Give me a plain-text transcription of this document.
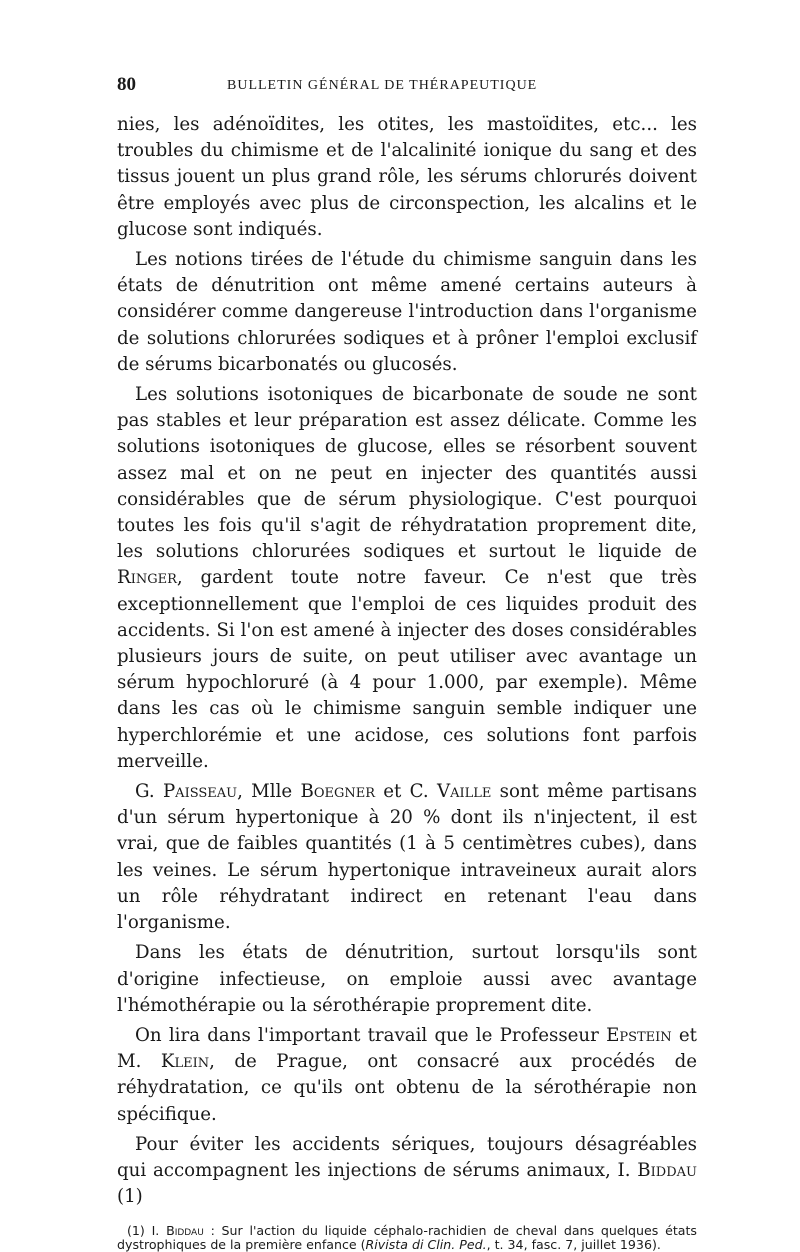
80	BULLETIN GÉNÉRAL DE THÉRAPEUTIQUE

nies, les adénoïdites, les otites, les mastoïdites, etc... les troubles du chimisme et de l'alcalinité ionique du sang et des tissus jouent un plus grand rôle, les sérums chlorurés doivent être employés avec plus de circonspection, les alcalins et le glucose sont indiqués.

Les notions tirées de l'étude du chimisme sanguin dans les états de dénutrition ont même amené certains auteurs à considérer comme dangereuse l'introduction dans l'organisme de solutions chlorurées sodiques et à prôner l'emploi exclusif de sérums bicarbonatés ou glucosés.

Les solutions isotoniques de bicarbonate de soude ne sont pas stables et leur préparation est assez délicate. Comme les solutions isotoniques de glucose, elles se résorbent souvent assez mal et on ne peut en injecter des quantités aussi considérables que de sérum physiologique. C'est pourquoi toutes les fois qu'il s'agit de réhydratation proprement dite, les solutions chlorurées sodiques et surtout le liquide de Ringer, gardent toute notre faveur. Ce n'est que très exceptionnellement que l'emploi de ces liquides produit des accidents. Si l'on est amené à injecter des doses considérables plusieurs jours de suite, on peut utiliser avec avantage un sérum hypochloruré (à 4 pour 1.000, par exemple). Même dans les cas où le chimisme sanguin semble indiquer une hyperchlorémie et une acidose, ces solutions font parfois merveille.

G. Paisseau, Mlle Boegner et C. Vaille sont même partisans d'un sérum hypertonique à 20 % dont ils n'injectent, il est vrai, que de faibles quantités (1 à 5 centimètres cubes), dans les veines. Le sérum hypertonique intraveineux aurait alors un rôle réhydratant indirect en retenant l'eau dans l'organisme.

Dans les états de dénutrition, surtout lorsqu'ils sont d'origine infectieuse, on emploie aussi avec avantage l'hémothérapie ou la sérothérapie proprement dite.

On lira dans l'important travail que le Professeur Epstein et M. Klein, de Prague, ont consacré aux procédés de réhydratation, ce qu'ils ont obtenu de la sérothérapie non spécifique.

Pour éviter les accidents sériques, toujours désagréables qui accompagnent les injections de sérums animaux, I. Biddau (1)

(1) I. Biddau : Sur l'action du liquide céphalo-rachidien de cheval dans quelques états dystrophiques de la première enfance (Rivista di Clin. Ped., t. 34, fasc. 7, juillet 1936).
